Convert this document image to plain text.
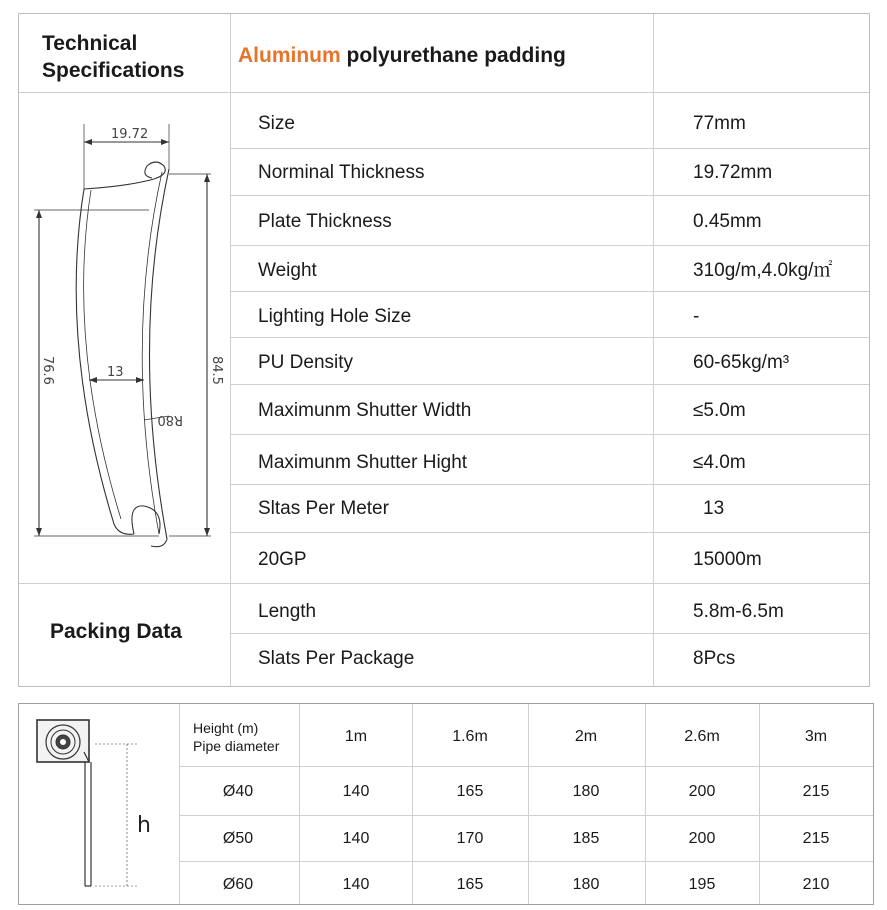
Technical
Specifications
Aluminum polyurethane padding
19.72
13
76.6	84.5
R80
Size	77mm
Norminal Thickness	19.72mm
Plate Thickness	0.45mm
Weight	310g/m,4.0kg/㎡
Lighting Hole Size	-
PU Density	60-65kg/m³
Maximunm Shutter Width	≤5.0m
Maximunm Shutter Hight	≤4.0m
Sltas Per Meter	13
20GP	15000m
Packing Data
Length	5.8m-6.5m
Slats Per Package	8Pcs
h
Height (m)
Pipe diameter
1m	1.6m	2m	2.6m	3m
Ø40	140	165	180	200	215
Ø50	140	170	185	200	215
Ø60	140	165	180	195	210
